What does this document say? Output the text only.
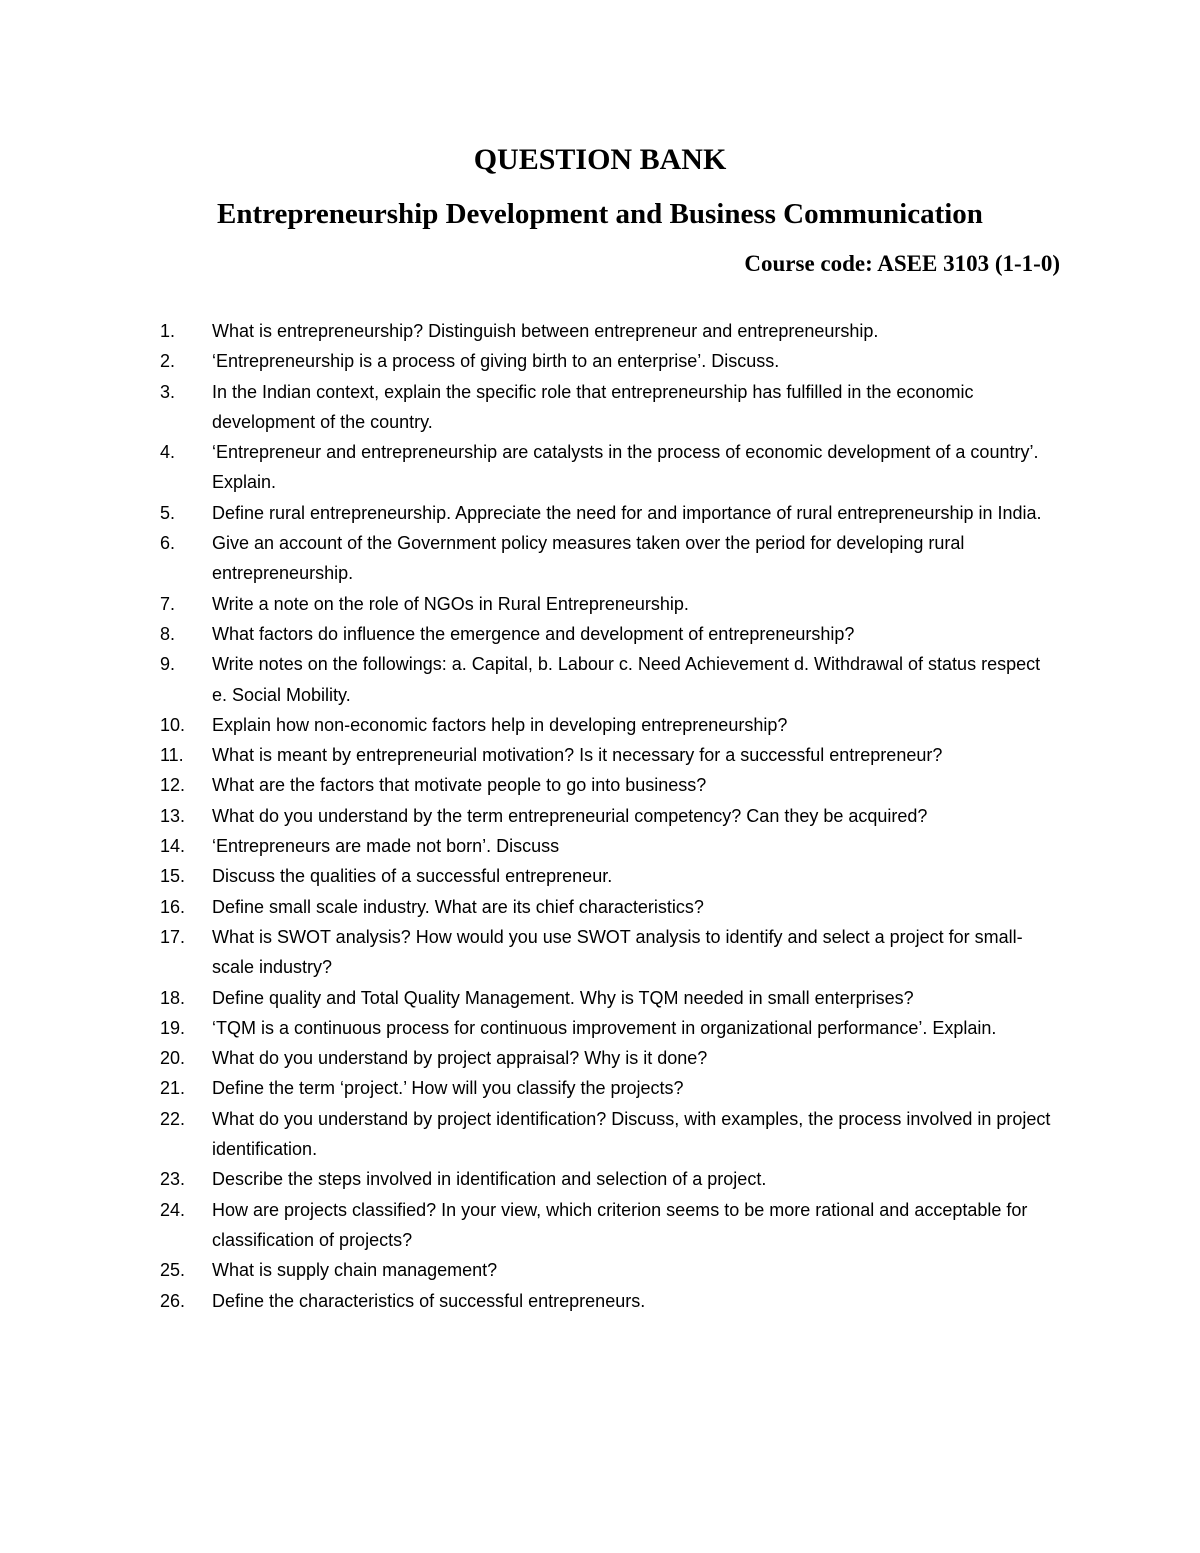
QUESTION BANK
Entrepreneurship Development and Business Communication

Course code: ASEE 3103 (1-1-0)

1.	What is entrepreneurship? Distinguish between entrepreneur and entrepreneurship.
2.	‘Entrepreneurship is a process of giving birth to an enterprise’. Discuss.
3.	In the Indian context, explain the specific role that entrepreneurship has fulfilled in the economic development of the country.
4.	‘Entrepreneur and entrepreneurship are catalysts in the process of economic development of a country’. Explain.
5.	Define rural entrepreneurship. Appreciate the need for and importance of rural entrepreneurship in India.
6.	Give an account of the Government policy measures taken over the period for developing rural entrepreneurship.
7.	Write a note on the role of NGOs in Rural Entrepreneurship.
8.	What factors do influence the emergence and development of entrepreneurship?
9.	Write notes on the followings: a. Capital, b. Labour c. Need Achievement d. Withdrawal of status respect e. Social Mobility.
10.	Explain how non-economic factors help in developing entrepreneurship?
11.	What is meant by entrepreneurial motivation? Is it necessary for a successful entrepreneur?
12.	What are the factors that motivate people to go into business?
13.	What do you understand by the term entrepreneurial competency? Can they be acquired?
14.	‘Entrepreneurs are made not born’. Discuss
15.	Discuss the qualities of a successful entrepreneur.
16.	Define small scale industry. What are its chief characteristics?
17.	What is SWOT analysis? How would you use SWOT analysis to identify and select a project for small-scale industry?
18.	Define quality and Total Quality Management. Why is TQM needed in small enterprises?
19.	‘TQM is a continuous process for continuous improvement in organizational performance’. Explain.
20.	What do you understand by project appraisal? Why is it done?
21.	Define the term ‘project.’ How will you classify the projects?
22.	What do you understand by project identification? Discuss, with examples, the process involved in project identification.
23.	Describe the steps involved in identification and selection of a project.
24.	How are projects classified? In your view, which criterion seems to be more rational and acceptable for classification of projects?
25.	What is supply chain management?
26.	Define the characteristics of successful entrepreneurs.
